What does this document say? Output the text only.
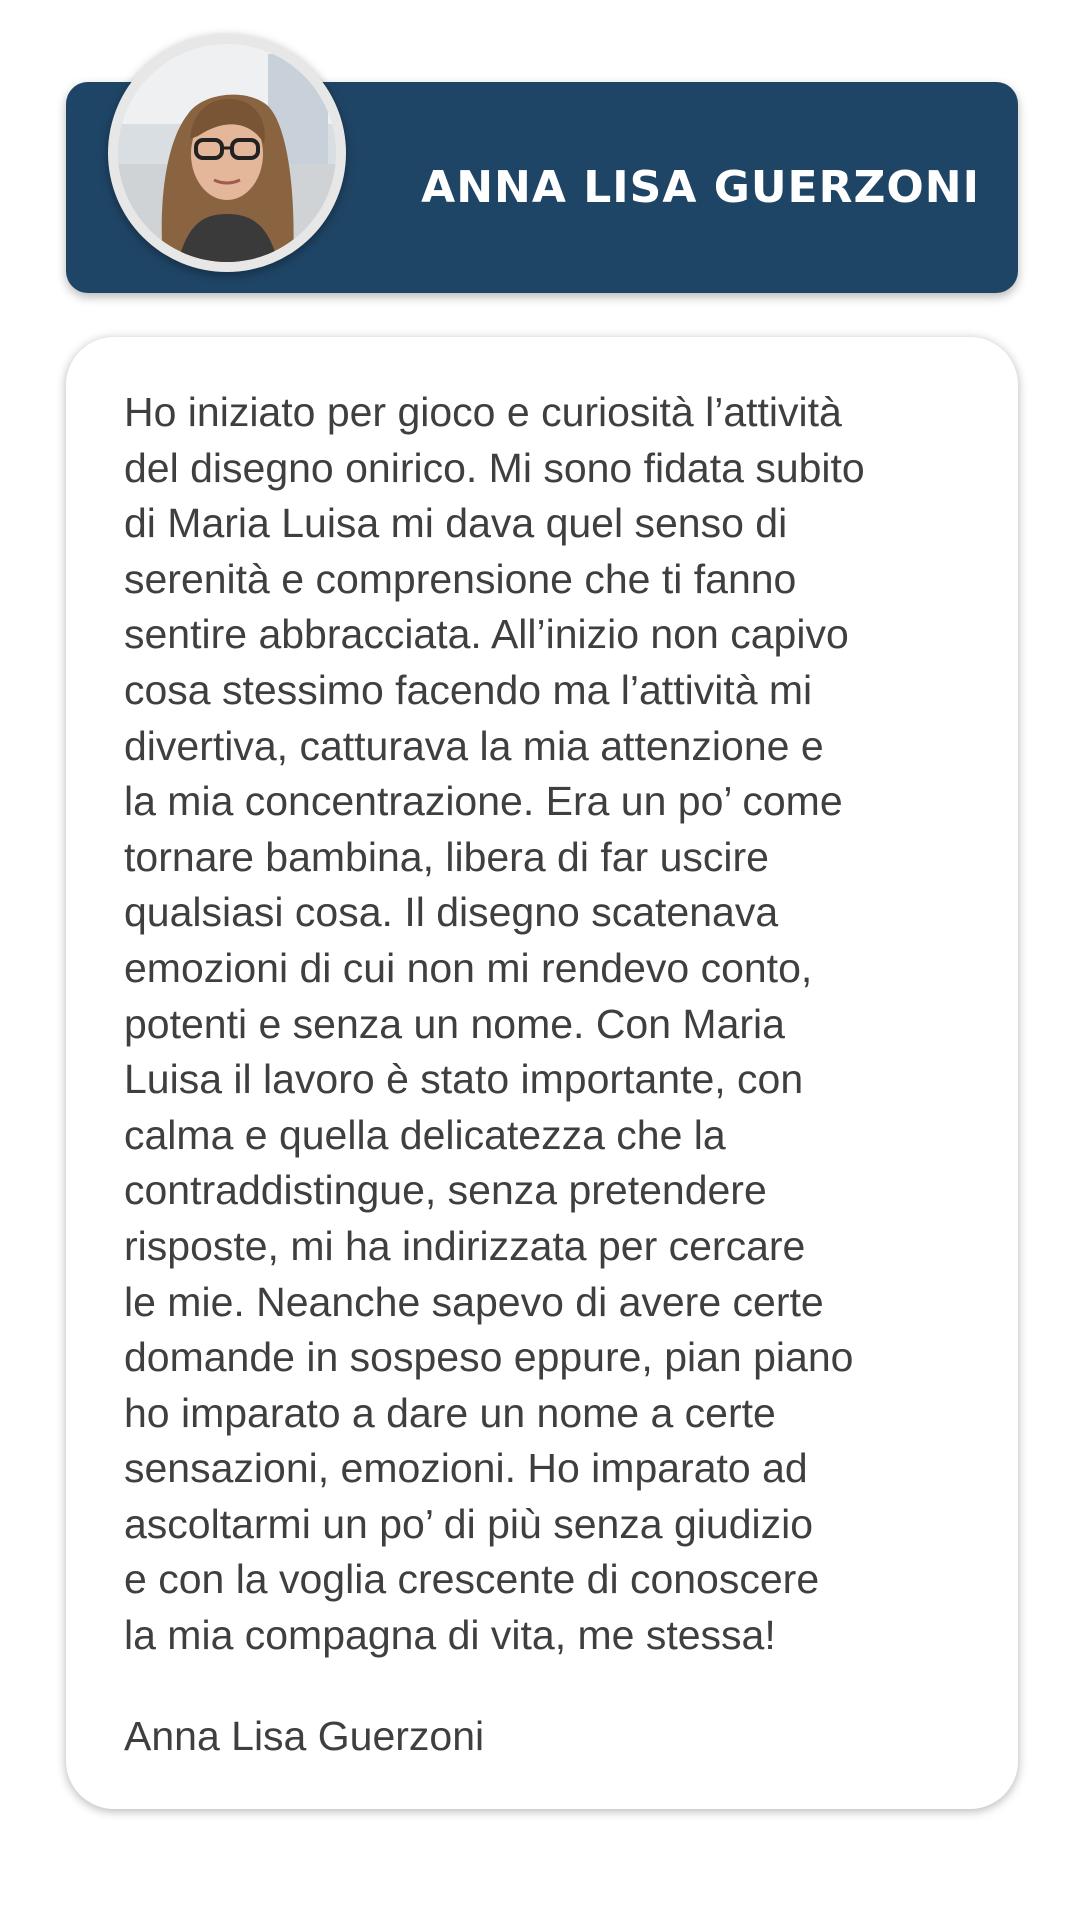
ANNA LISA GUERZONI

Ho iniziato per gioco e curiosità l’attività
del disegno onirico. Mi sono fidata subito
di Maria Luisa mi dava quel senso di
serenità e comprensione che ti fanno
sentire abbracciata. All’inizio non capivo
cosa stessimo facendo ma l’attività mi
divertiva, catturava la mia attenzione e
la mia concentrazione. Era un po’ come
tornare bambina, libera di far uscire
qualsiasi cosa. Il disegno scatenava
emozioni di cui non mi rendevo conto,
potenti e senza un nome. Con Maria
Luisa il lavoro è stato importante, con
calma e quella delicatezza che la
contraddistingue, senza pretendere
risposte, mi ha indirizzata per cercare
le mie. Neanche sapevo di avere certe
domande in sospeso eppure, pian piano
ho imparato a dare un nome a certe
sensazioni, emozioni. Ho imparato ad
ascoltarmi un po’ di più senza giudizio
e con la voglia crescente di conoscere
la mia compagna di vita, me stessa!

Anna Lisa Guerzoni
